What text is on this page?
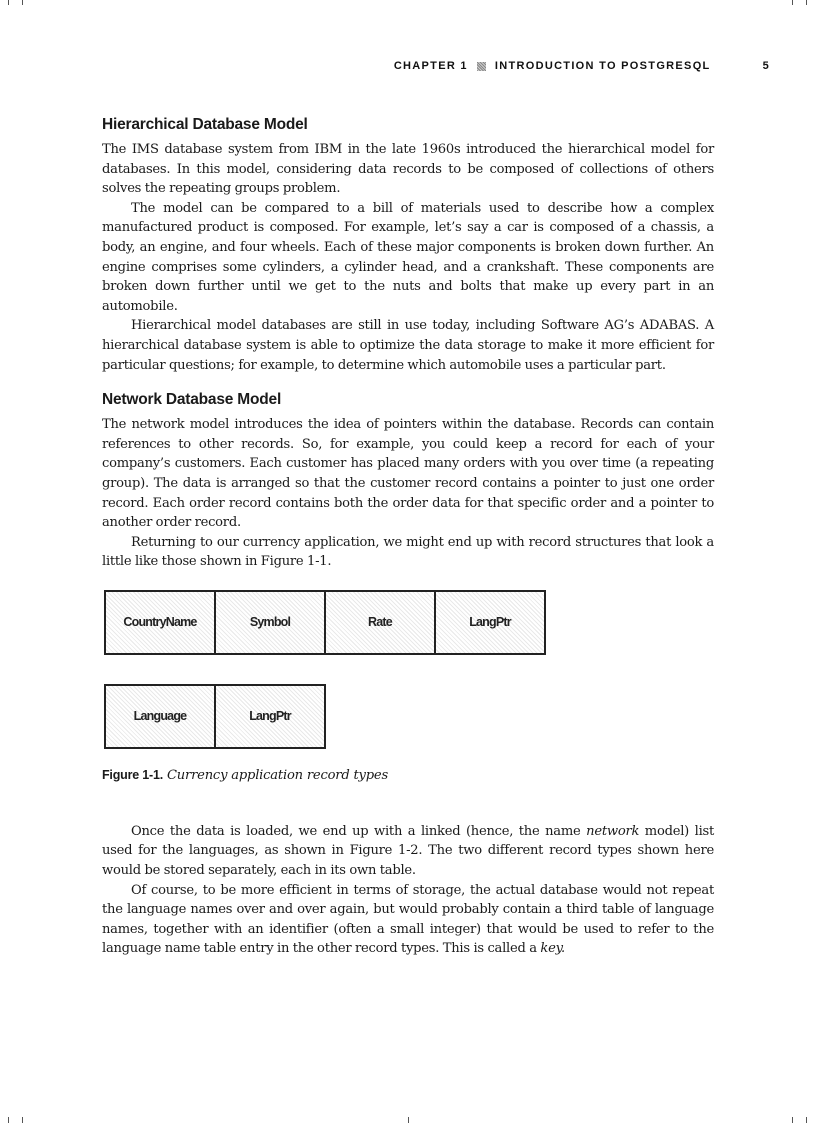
CHAPTER 1 INTRODUCTION TO POSTGRESQL	5
Hierarchical Database Model

The IMS database system from IBM in the late 1960s introduced the hierarchical model for databases. In this model, considering data records to be composed of collections of others solves the repeating groups problem.

The model can be compared to a bill of materials used to describe how a complex manufactured product is composed. For example, let’s say a car is composed of a chassis, a body, an engine, and four wheels. Each of these major components is broken down further. An engine comprises some cylinders, a cylinder head, and a crankshaft. These components are broken down further until we get to the nuts and bolts that make up every part in an automobile.

Hierarchical model databases are still in use today, including Software AG’s ADABAS. A hierarchical database system is able to optimize the data storage to make it more efficient for particular questions; for example, to determine which automobile uses a particular part.

Network Database Model

The network model introduces the idea of pointers within the database. Records can contain references to other records. So, for example, you could keep a record for each of your company’s customers. Each customer has placed many orders with you over time (a repeating group). The data is arranged so that the customer record contains a pointer to just one order record. Each order record contains both the order data for that specific order and a pointer to another order record.

Returning to our currency application, we might end up with record structures that look a little like those shown in Figure 1-1.

CountryName	Symbol	Rate	LangPtr
Language	LangPtr
Figure 1-1. Currency application record types

Once the data is loaded, we end up with a linked (hence, the name network model) list used for the languages, as shown in Figure 1-2. The two different record types shown here would be stored separately, each in its own table.

Of course, to be more efficient in terms of storage, the actual database would not repeat the language names over and over again, but would probably contain a third table of language names, together with an identifier (often a small integer) that would be used to refer to the language name table entry in the other record types. This is called a key.
